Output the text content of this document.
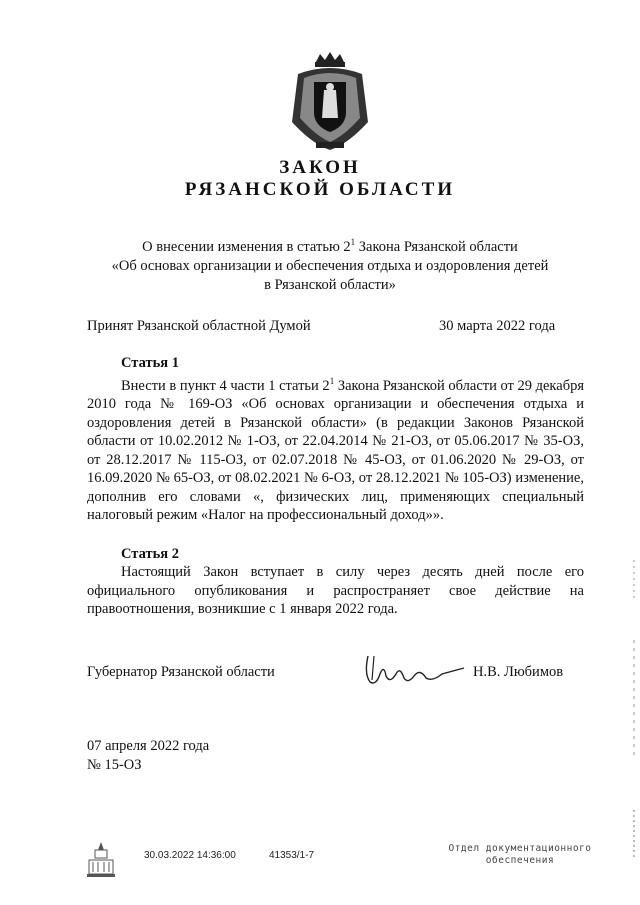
ЗАКОН
РЯЗАНСКОЙ ОБЛАСТИ
О внесении изменения в статью $2^1$ Закона Рязанской области
«Об основах организации и обеспечения отдыха и оздоровления детей
в Рязанской области»
Принят Рязанской областной Думой	30 марта 2022 года
Статья 1
Внести в пункт 4 части 1 статьи $2^1$ Закона Рязанской области от 29 декабря 2010 года № 169-ОЗ «Об основах организации и обеспечения отдыха и оздоровления детей в Рязанской области» (в редакции Законов Рязанской области от 10.02.2012 № 1-ОЗ, от 22.04.2014 № 21-ОЗ, от 05.06.2017 № 35-ОЗ, от 28.12.2017 № 115-ОЗ, от 02.07.2018 № 45-ОЗ, от 01.06.2020 № 29-ОЗ, от 16.09.2020 № 65-ОЗ, от 08.02.2021 № 6-ОЗ, от 28.12.2021 № 105-ОЗ) изменение, дополнив его словами «, физических лиц, применяющих специальный налоговый режим «Налог на профессиональный доход»».
Статья 2
Настоящий Закон вступает в силу через десять дней после его официального опубликования и распространяет свое действие на правоотношения, возникшие с 1 января 2022 года.
Губернатор Рязанской области	Н.В. Любимов
07 апреля 2022 года
№ 15-ОЗ
30.03.2022 14:36:00	41353/1-7
Отдел документационного
обеспечения
